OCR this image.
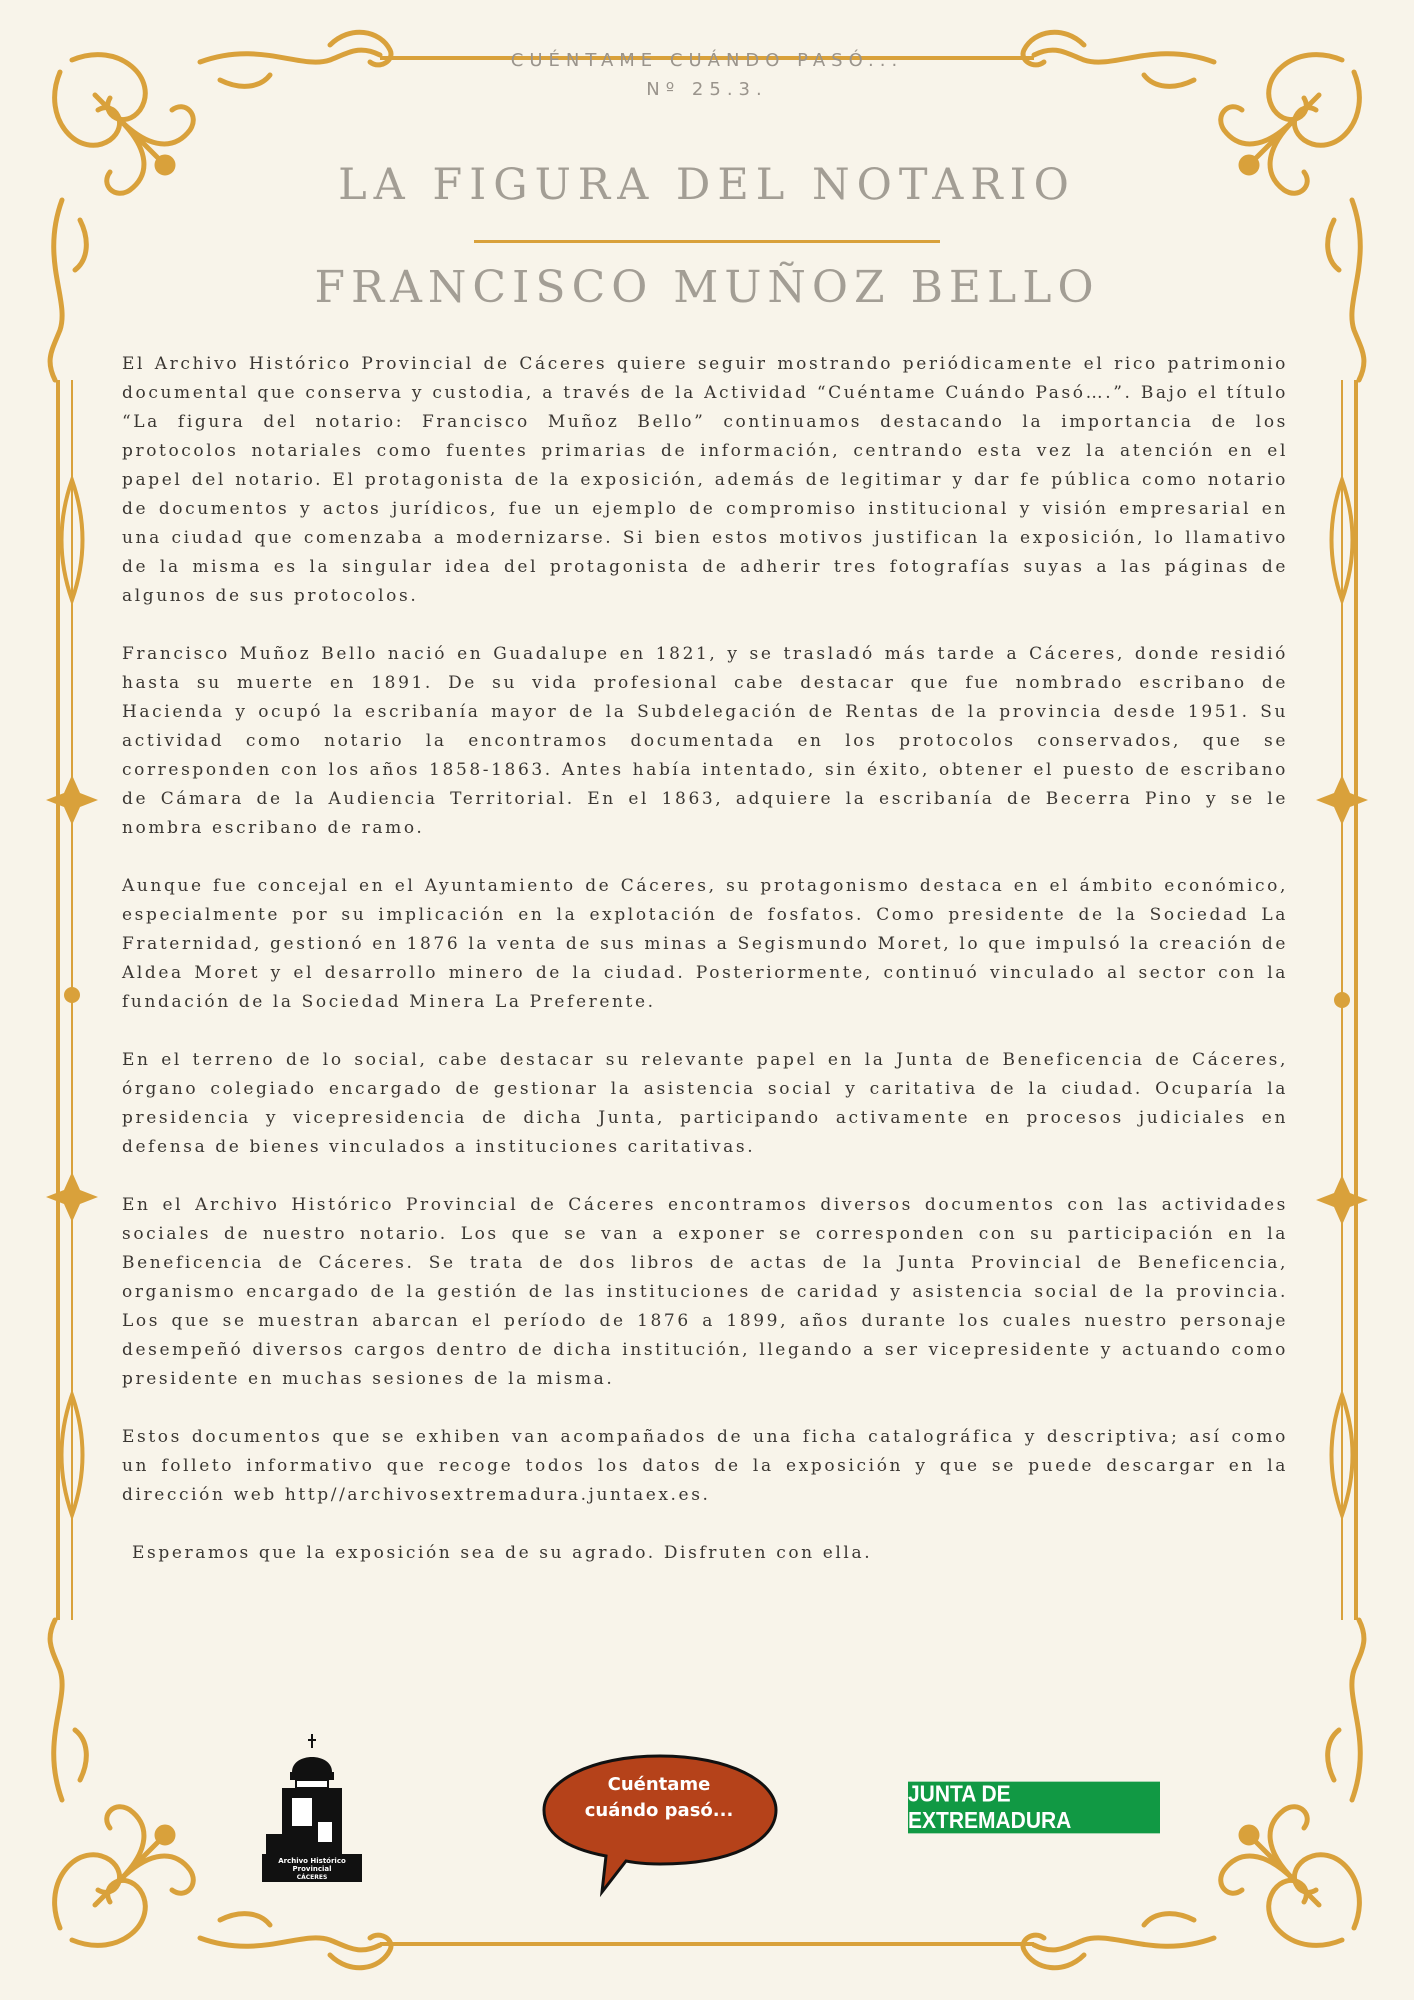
CUÉNTAME CUÁNDO PASÓ...
Nº 25.3.
LA FIGURA DEL NOTARIO
FRANCISCO MUÑOZ BELLO

El Archivo Histórico Provincial de Cáceres quiere seguir mostrando periódicamente el rico patrimonio documental que conserva y custodia, a través de la Actividad “Cuéntame Cuándo Pasó….”. Bajo el título “La figura del notario: Francisco Muñoz Bello” continuamos destacando la importancia de los protocolos notariales como fuentes primarias de información, centrando esta vez la atención en el papel del notario. El protagonista de la exposición, además de legitimar y dar fe pública como notario de documentos y actos jurídicos, fue un ejemplo de compromiso institucional y visión empresarial en una ciudad que comenzaba a modernizarse. Si bien estos motivos justifican la exposición, lo llamativo de la misma es la singular idea del protagonista de adherir tres fotografías suyas a las páginas de algunos de sus protocolos.

Francisco Muñoz Bello nació en Guadalupe en 1821, y se trasladó más tarde a Cáceres, donde residió hasta su muerte en 1891. De su vida profesional cabe destacar que fue nombrado escribano de Hacienda y ocupó la escribanía mayor de la Subdelegación de Rentas de la provincia desde 1951. Su actividad como notario la encontramos documentada en los protocolos conservados, que se corresponden con los años 1858-1863. Antes había intentado, sin éxito, obtener el puesto de escribano de Cámara de la Audiencia Territorial. En el 1863, adquiere la escribanía de Becerra Pino y se le nombra escribano de ramo.

Aunque fue concejal en el Ayuntamiento de Cáceres, su protagonismo destaca en el ámbito económico, especialmente por su implicación en la explotación de fosfatos. Como presidente de la Sociedad La Fraternidad, gestionó en 1876 la venta de sus minas a Segismundo Moret, lo que impulsó la creación de Aldea Moret y el desarrollo minero de la ciudad. Posteriormente, continuó vinculado al sector con la fundación de la Sociedad Minera La Preferente.

En el terreno de lo social, cabe destacar su relevante papel en la Junta de Beneficencia de Cáceres, órgano colegiado encargado de gestionar la asistencia social y caritativa de la ciudad. Ocuparía la presidencia y vicepresidencia de dicha Junta, participando activamente en procesos judiciales en defensa de bienes vinculados a instituciones caritativas.

En el Archivo Histórico Provincial de Cáceres encontramos diversos documentos con las actividades sociales de nuestro notario. Los que se van a exponer se corresponden con su participación en la Beneficencia de Cáceres. Se trata de dos libros de actas de la Junta Provincial de Beneficencia, organismo encargado de la gestión de las instituciones de caridad y asistencia social de la provincia. Los que se muestran abarcan el período de 1876 a 1899, años durante los cuales nuestro personaje desempeñó diversos cargos dentro de dicha institución, llegando a ser vicepresidente y actuando como presidente en muchas sesiones de la misma.

Estos documentos que se exhiben van acompañados de una ficha catalográfica y descriptiva; así como un folleto informativo que recoge todos los datos de la exposición y que se puede descargar en la dirección web http//archivosextremadura.juntaex.es.

Esperamos que la exposición sea de su agrado. Disfruten con ella.

Archivo Histórico
Provincial
CÁCERES
Cuéntame
cuándo pasó...
JUNTA DE EXTREMADURA
